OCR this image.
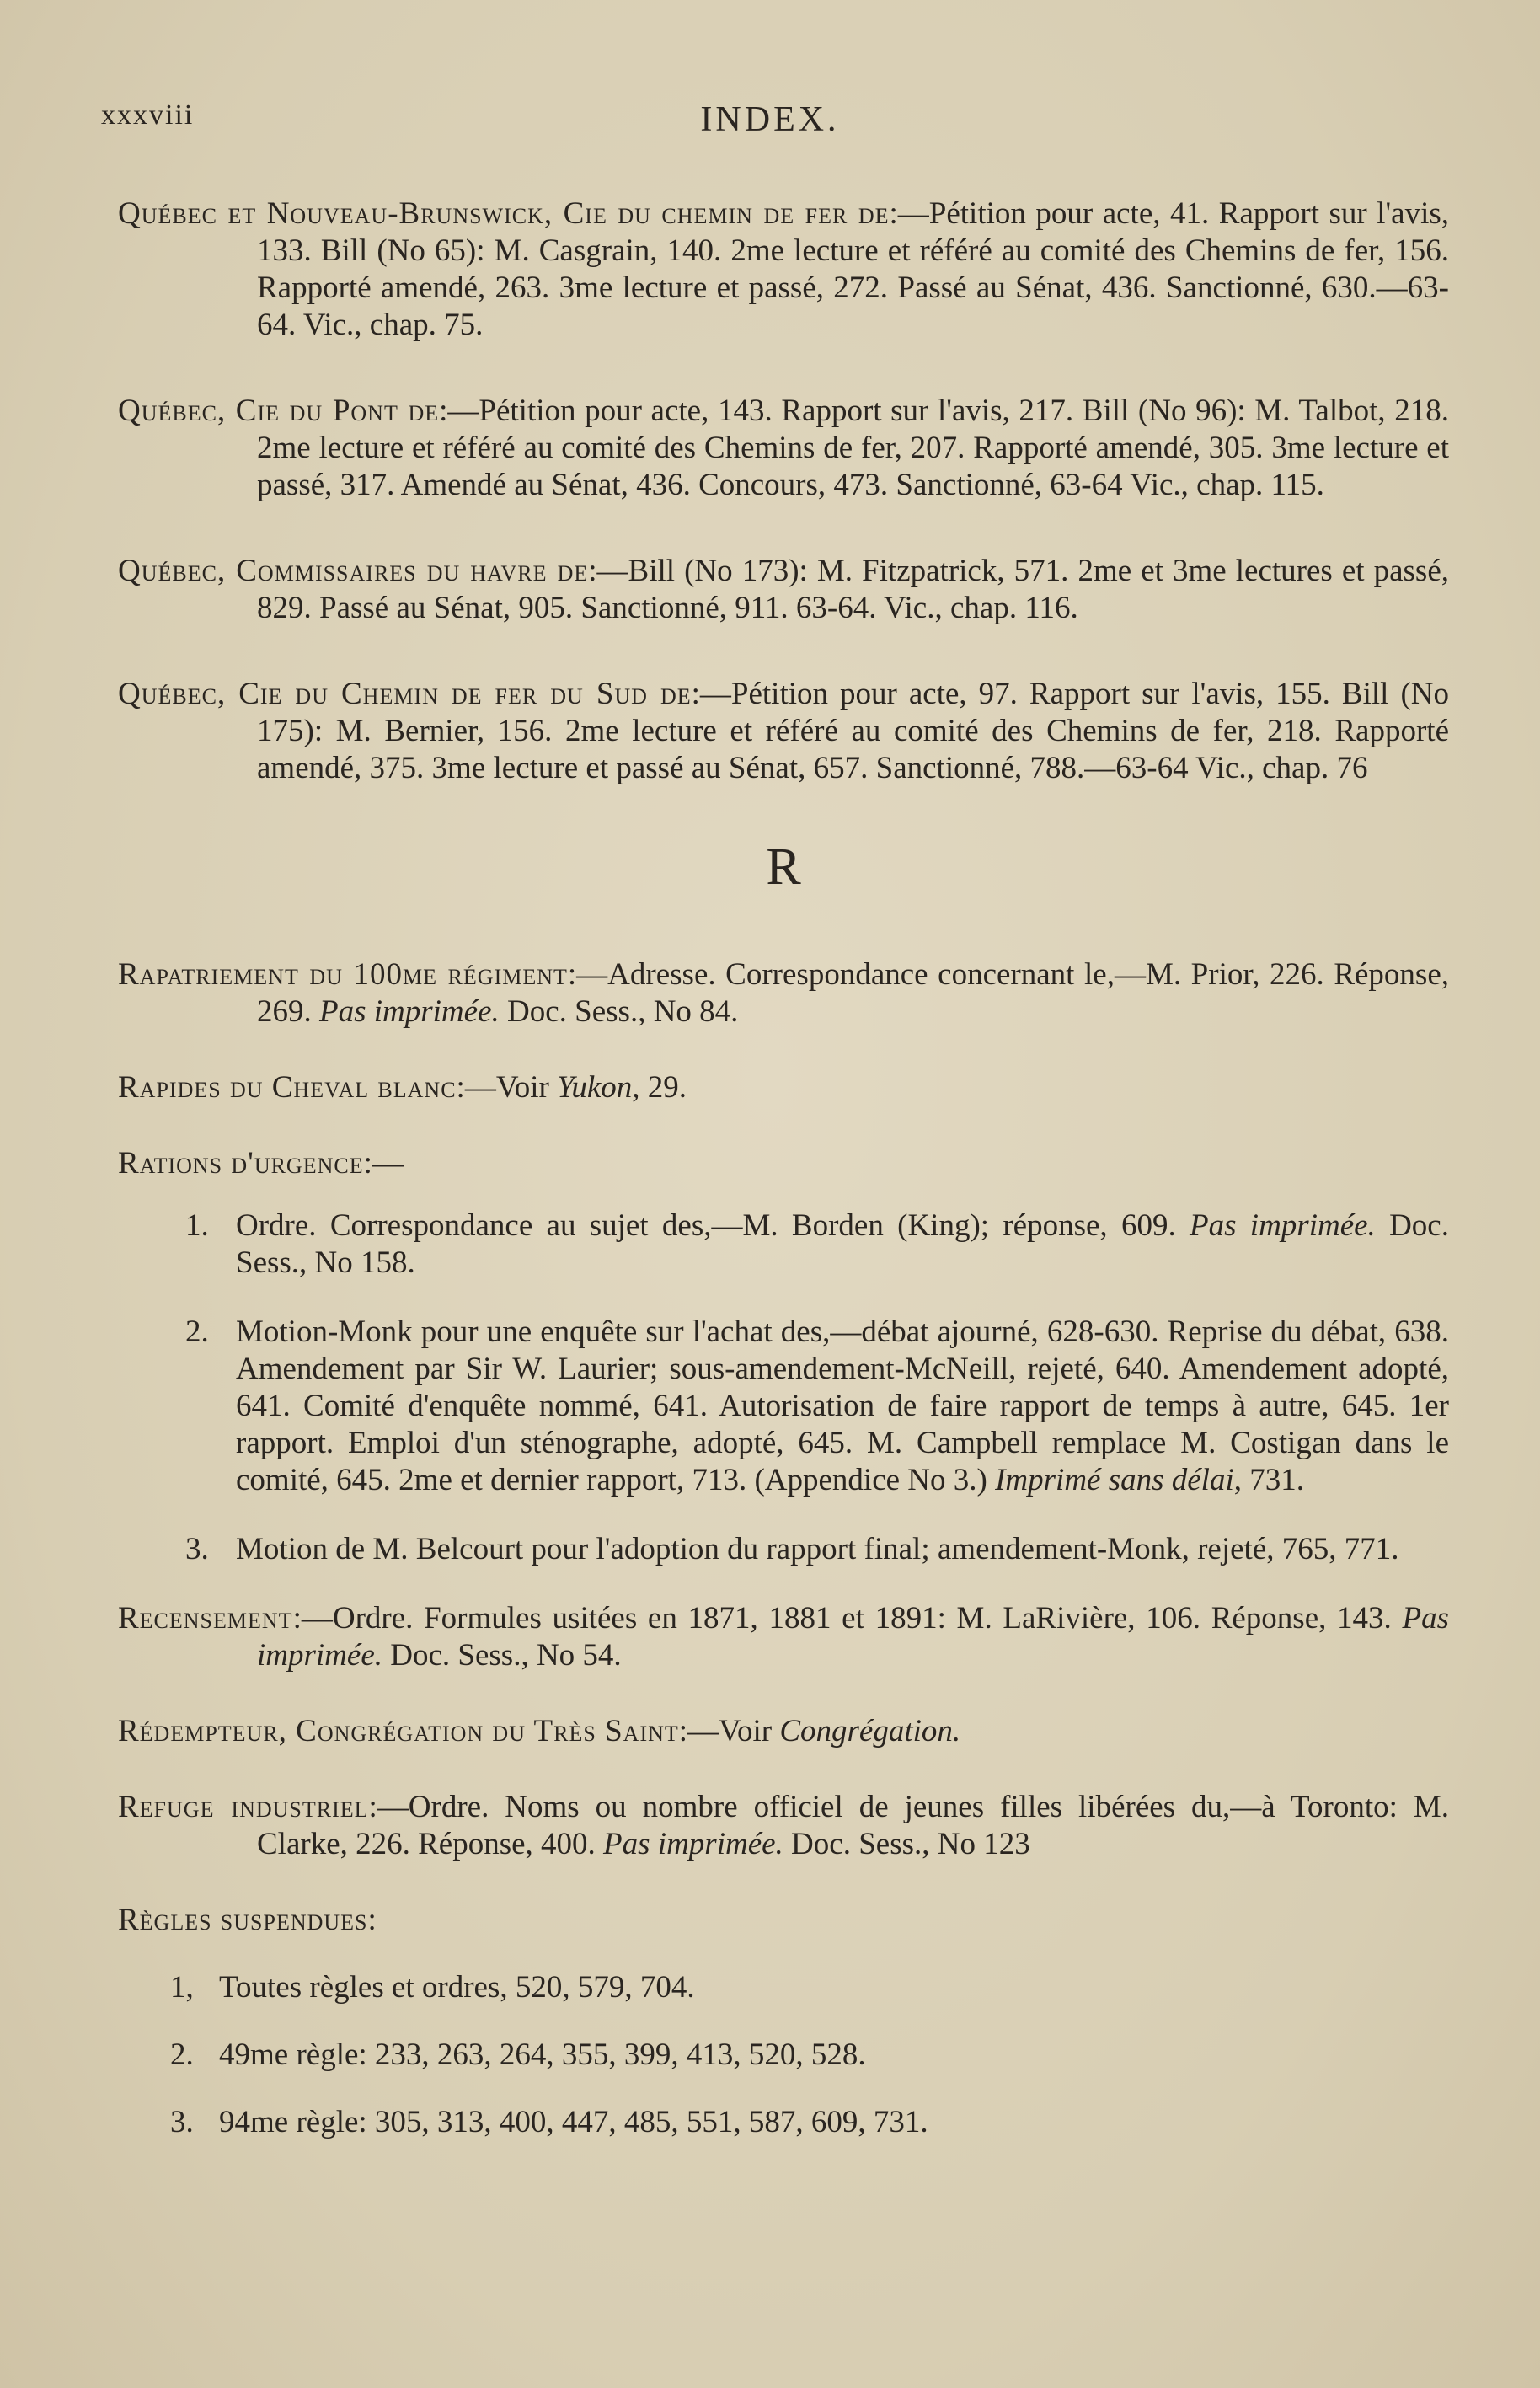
xxxviii	INDEX.

Québec et Nouveau-Brunswick, Cie du chemin de fer de:—Pétition pour acte, 41. Rapport sur l'avis, 133. Bill (No 65): M. Casgrain, 140. 2me lecture et référé au comité des Chemins de fer, 156. Rapporté amendé, 263. 3me lecture et passé, 272. Passé au Sénat, 436. Sanctionné, 630.—63-64. Vic., chap. 75.

Québec, Cie du Pont de:—Pétition pour acte, 143. Rapport sur l'avis, 217. Bill (No 96): M. Talbot, 218. 2me lecture et référé au comité des Chemins de fer, 207. Rapporté amendé, 305. 3me lecture et passé, 317. Amendé au Sénat, 436. Concours, 473. Sanctionné, 63-64 Vic., chap. 115.

Québec, Commissaires du havre de:—Bill (No 173): M. Fitzpatrick, 571. 2me et 3me lectures et passé, 829. Passé au Sénat, 905. Sanctionné, 911. 63-64. Vic., chap. 116.

Québec, Cie du Chemin de fer du Sud de:—Pétition pour acte, 97. Rapport sur l'avis, 155. Bill (No 175): M. Bernier, 156. 2me lecture et référé au comité des Chemins de fer, 218. Rapporté amendé, 375. 3me lecture et passé au Sénat, 657. Sanctionné, 788.—63-64 Vic., chap. 76

R

Rapatriement du 100me régiment:—Adresse. Correspondance concernant le,—M. Prior, 226. Réponse, 269. Pas imprimée. Doc. Sess., No 84.

Rapides du Cheval blanc:—Voir Yukon, 29.

Rations d'urgence:—

1. Ordre. Correspondance au sujet des,—M. Borden (King); réponse, 609. Pas imprimée. Doc. Sess., No 158.

2. Motion-Monk pour une enquête sur l'achat des,—débat ajourné, 628-630. Reprise du débat, 638. Amendement par Sir W. Laurier; sous-amendement-McNeill, rejeté, 640. Amendement adopté, 641. Comité d'enquête nommé, 641. Autorisation de faire rapport de temps à autre, 645. 1er rapport. Emploi d'un sténographe, adopté, 645. M. Campbell remplace M. Costigan dans le comité, 645. 2me et dernier rapport, 713. (Appendice No 3.) Imprimé sans délai, 731.

3. Motion de M. Belcourt pour l'adoption du rapport final; amendement-Monk, rejeté, 765, 771.

Recensement:—Ordre. Formules usitées en 1871, 1881 et 1891: M. LaRivière, 106. Réponse, 143. Pas imprimée. Doc. Sess., No 54.

Rédempteur, Congrégation du Très Saint:—Voir Congrégation.

Refuge industriel:—Ordre. Noms ou nombre officiel de jeunes filles libérées du,—à Toronto: M. Clarke, 226. Réponse, 400. Pas imprimée. Doc. Sess., No 123

Règles suspendues:

1, Toutes règles et ordres, 520, 579, 704.

2. 49me règle: 233, 263, 264, 355, 399, 413, 520, 528.

3. 94me règle: 305, 313, 400, 447, 485, 551, 587, 609, 731.
